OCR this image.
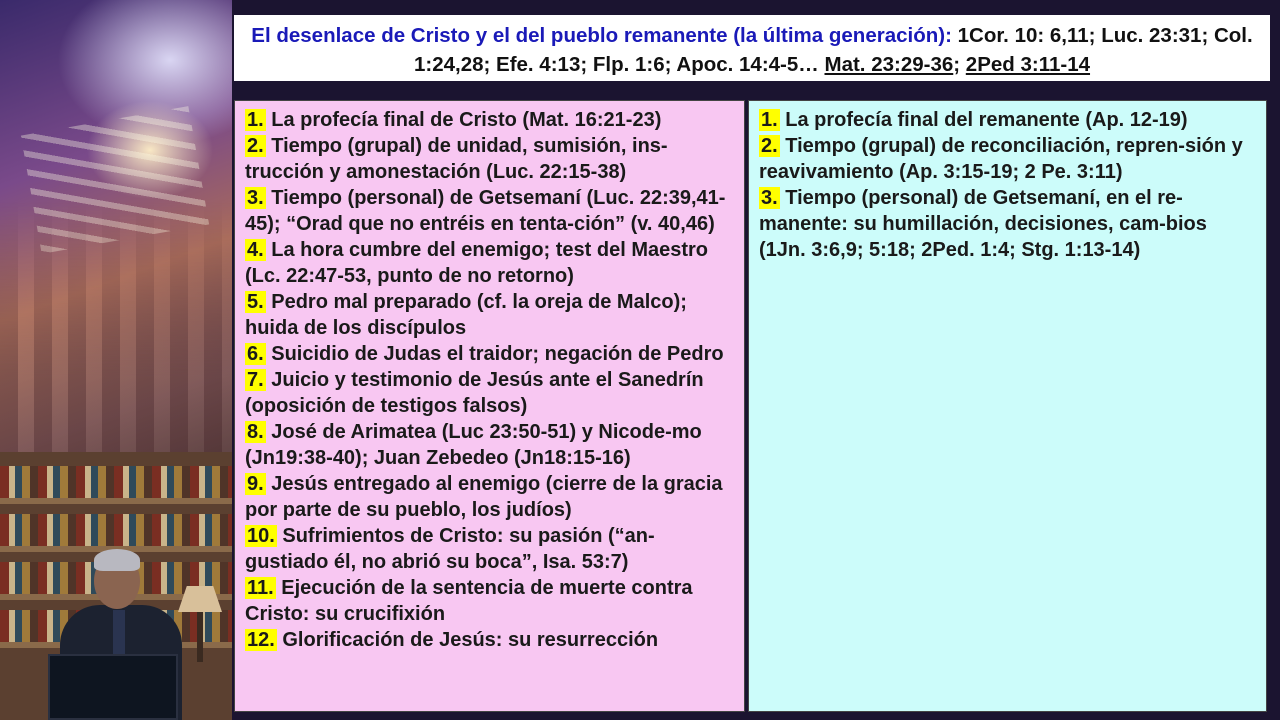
El desenlace de Cristo y el del pueblo remanente (la última generación): 1Cor. 10: 6,11; Luc. 23:31; Col. 1:24,28; Efe. 4:13; Flp. 1:6; Apoc. 14:4-5… Mat. 23:29-36; 2Ped 3:11-14

1. La profecía final de Cristo (Mat. 16:21-23)

2. Tiempo (grupal) de unidad, sumisión, ins-trucción y amonestación (Luc. 22:15-38)

3. Tiempo (personal) de Getsemaní (Luc. 22:39,41-45); “Orad que no entréis en tenta-ción” (v. 40,46)

4. La hora cumbre del enemigo; test del Maestro (Lc. 22:47-53, punto de no retorno)

5. Pedro mal preparado (cf. la oreja de Malco); huida de los discípulos

6. Suicidio de Judas el traidor; negación de Pedro

7. Juicio y testimonio de Jesús ante el Sanedrín (oposición de testigos falsos)

8. José de Arimatea (Luc 23:50-51) y Nicode-mo (Jn19:38-40); Juan Zebedeo (Jn18:15-16)

9. Jesús entregado al enemigo (cierre de la gracia por parte de su pueblo, los judíos)

10. Sufrimientos de Cristo: su pasión (“an-gustiado él, no abrió su boca”, Isa. 53:7)

11. Ejecución de la sentencia de muerte contra Cristo: su crucifixión

12. Glorificación de Jesús: su resurrección

1. La profecía final del remanente (Ap. 12-19)

2. Tiempo (grupal) de reconciliación, repren-sión y reavivamiento (Ap. 3:15-19; 2 Pe. 3:11)

3. Tiempo (personal) de Getsemaní, en el re-manente: su humillación, decisiones, cam-bios (1Jn. 3:6,9; 5:18; 2Ped. 1:4; Stg. 1:13-14)
